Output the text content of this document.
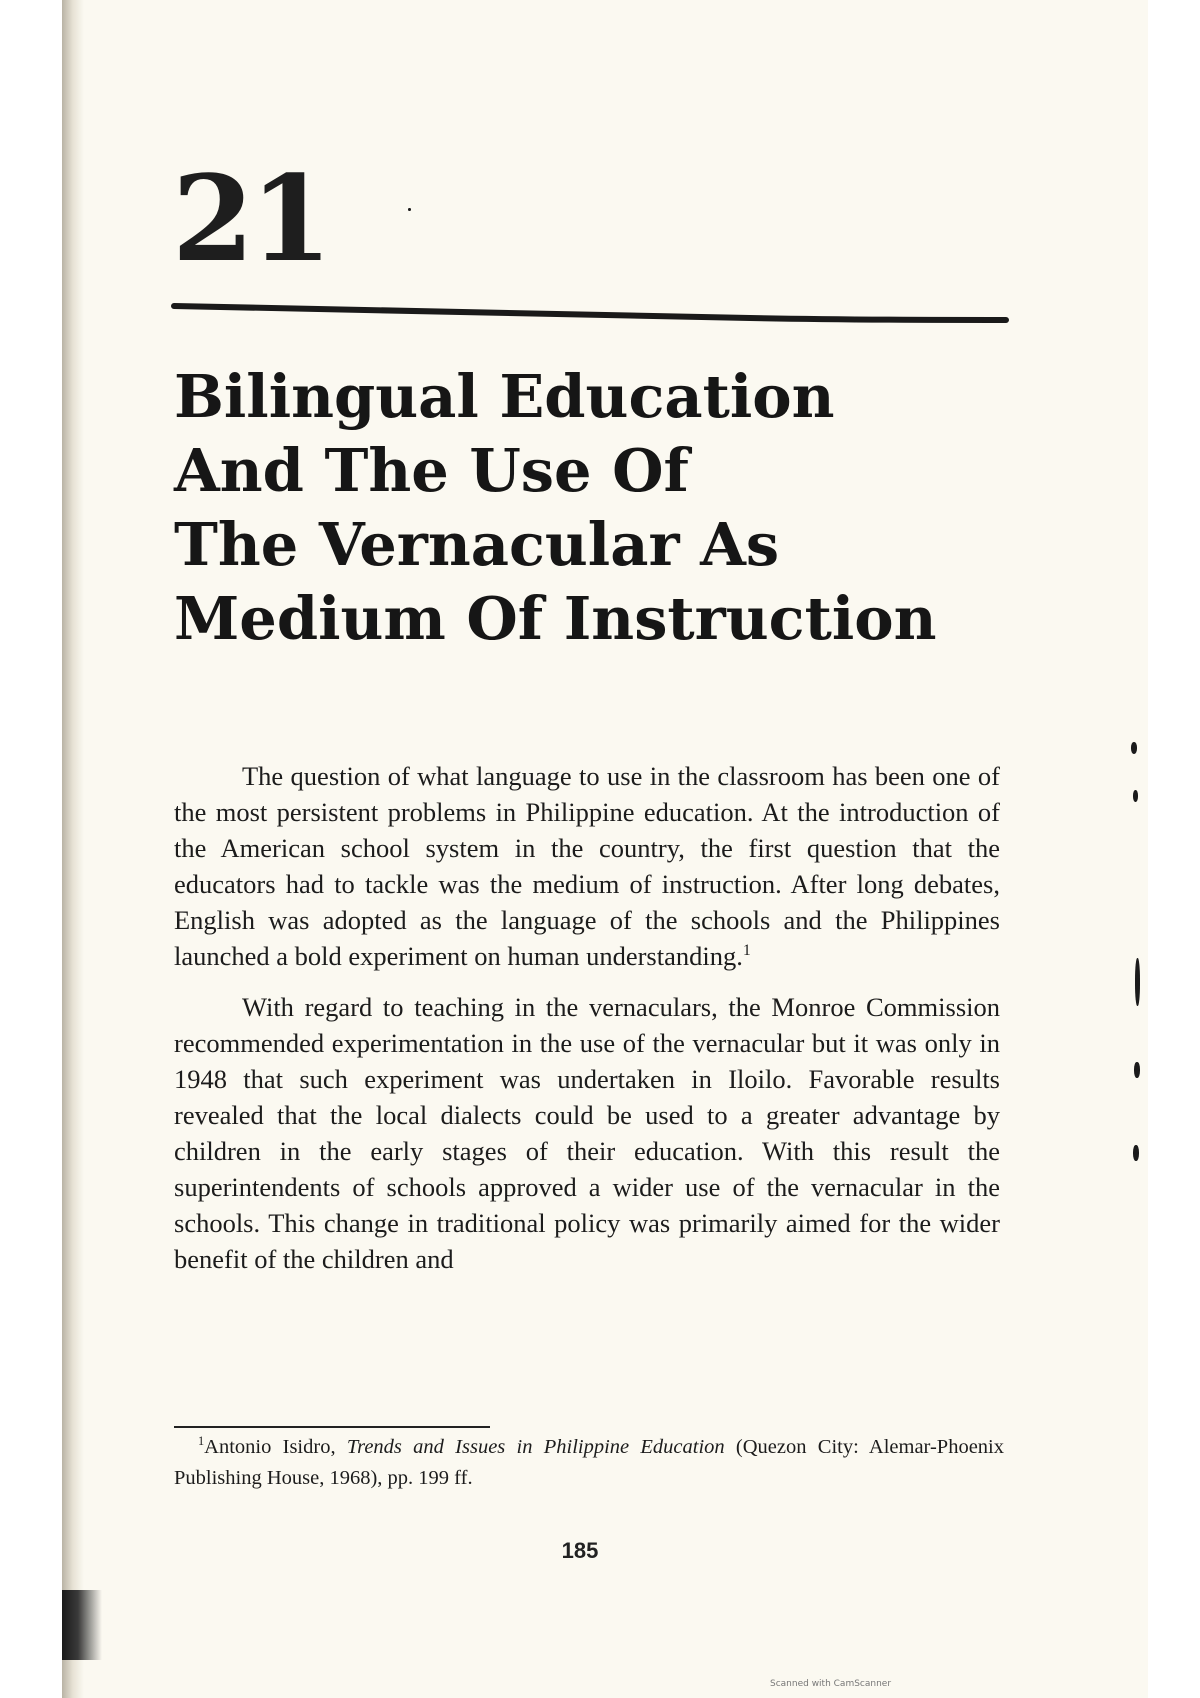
21
Bilingual Education
And The Use Of
The Vernacular As
Medium Of Instruction

The question of what language to use in the classroom has been one of the most persistent problems in Philippine education. At the introduction of the American school system in the country, the first question that the educators had to tackle was the medium of instruction. After long debates, English was adopted as the language of the schools and the Philippines launched a bold experiment on human understanding.$^1$

With regard to teaching in the vernaculars, the Monroe Commission recommended experimentation in the use of the vernacular but it was only in 1948 that such experiment was undertaken in Iloilo. Favorable results revealed that the local dialects could be used to a greater advantage by children in the early stages of their education. With this result the superintendents of schools approved a wider use of the vernacular in the schools. This change in traditional policy was primarily aimed for the wider benefit of the children and

$^1$Antonio Isidro, Trends and Issues in Philippine Education (Quezon City: Alemar-Phoenix Publishing House, 1968), pp. 199 ff.

185
Scanned with CamScanner
